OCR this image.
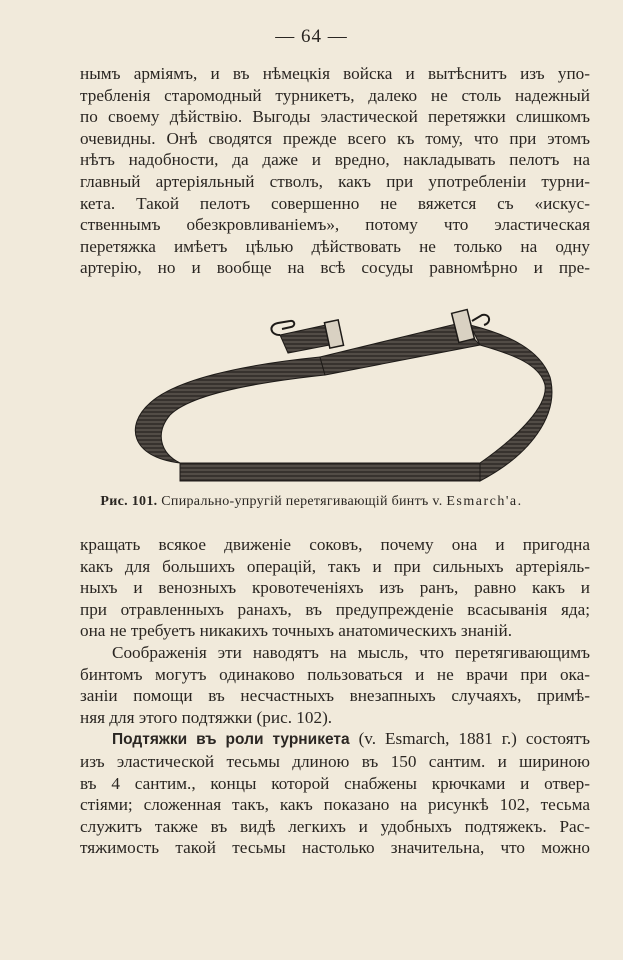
— 64 —
нымъ арміямъ, и въ нѣмецкія войска и вытѣснитъ изъ упо-
требленія старомодный турникетъ, далеко не столь надежный
по своему дѣйствію. Выгоды эластической перетяжки слишкомъ
очевидны. Онѣ сводятся прежде всего къ тому, что при этомъ
нѣтъ надобности, да даже и вредно, накладывать пелотъ на
главный артеріяльный стволъ, какъ при употребленіи турни-
кета. Такой пелотъ совершенно не вяжется съ «искус-
ственнымъ обезкровливаніемъ», потому что эластическая
перетяжка имѣетъ цѣлью дѣйствовать не только на одну
артерію, но и вообще на всѣ сосуды равномѣрно и пре-
Рис. 101. Спирально-упругій перетягивающій бинтъ v. Esmarch'a.
кращать всякое движеніе соковъ, почему она и пригодна
какъ для большихъ операцій, такъ и при сильныхъ артеріяль-
ныхъ и венозныхъ кровотеченіяхъ изъ ранъ, равно какъ и
при отравленныхъ ранахъ, въ предупрежденіе всасыванія яда;
она не требуетъ никакихъ точныхъ анатомическихъ знаній.
Соображенія эти наводятъ на мысль, что перетягивающимъ
бинтомъ могутъ одинаково пользоваться и не врачи при ока-
заніи помощи въ несчастныхъ внезапныхъ случаяхъ, примѣ-
няя для этого подтяжки (рис. 102).
Подтяжки въ роли турникета (v. Esmarch, 1881 г.) состоятъ
изъ эластической тесьмы длиною въ 150 сантим. и шириною
въ 4 сантим., концы которой снабжены крючками и отвер-
стіями; сложенная такъ, какъ показано на рисункѣ 102, тесьма
служитъ также въ видѣ легкихъ и удобныхъ подтяжекъ. Рас-
тяжимость такой тесьмы настолько значительна, что можно
